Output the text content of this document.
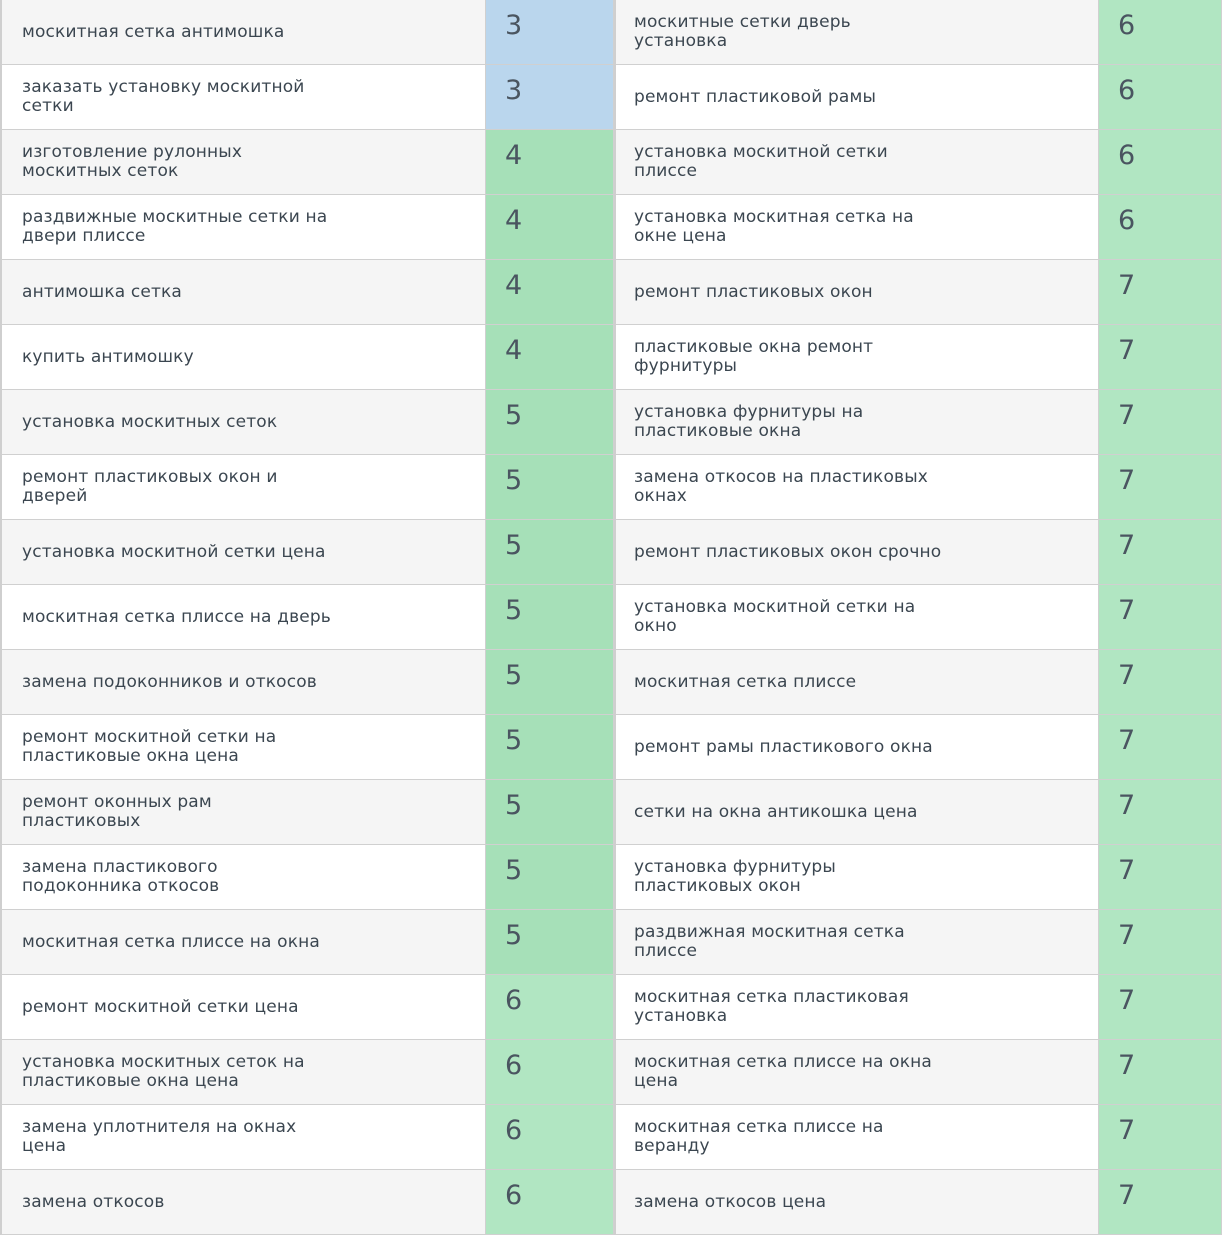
москитная сетка антимошка	3	москитные сетки дверь установка	6
заказать установку москитной сетки	3	ремонт пластиковой рамы	6
изготовление рулонных москитных сеток	4	установка москитной сетки плиссе	6
раздвижные москитные сетки на двери плиссе	4	установка москитная сетка на окне цена	6
антимошка сетка	4	ремонт пластиковых окон	7
купить антимошку	4	пластиковые окна ремонт фурнитуры	7
установка москитных сеток	5	установка фурнитуры на пластиковые окна	7
ремонт пластиковых окон и дверей	5	замена откосов на пластиковых окнах	7
установка москитной сетки цена	5	ремонт пластиковых окон срочно	7
москитная сетка плиссе на дверь	5	установка москитной сетки на окно	7
замена подоконников и откосов	5	москитная сетка плиссе	7
ремонт москитной сетки на пластиковые окна цена	5	ремонт рамы пластикового окна	7
ремонт оконных рам пластиковых	5	сетки на окна антикошка цена	7
замена пластикового подоконника откосов	5	установка фурнитуры пластиковых окон	7
москитная сетка плиссе на окна	5	раздвижная москитная сетка плиссе	7
ремонт москитной сетки цена	6	москитная сетка пластиковая установка	7
установка москитных сеток на пластиковые окна цена	6	москитная сетка плиссе на окна цена	7
замена уплотнителя на окнах цена	6	москитная сетка плиссе на веранду	7
замена откосов	6	замена откосов цена	7
